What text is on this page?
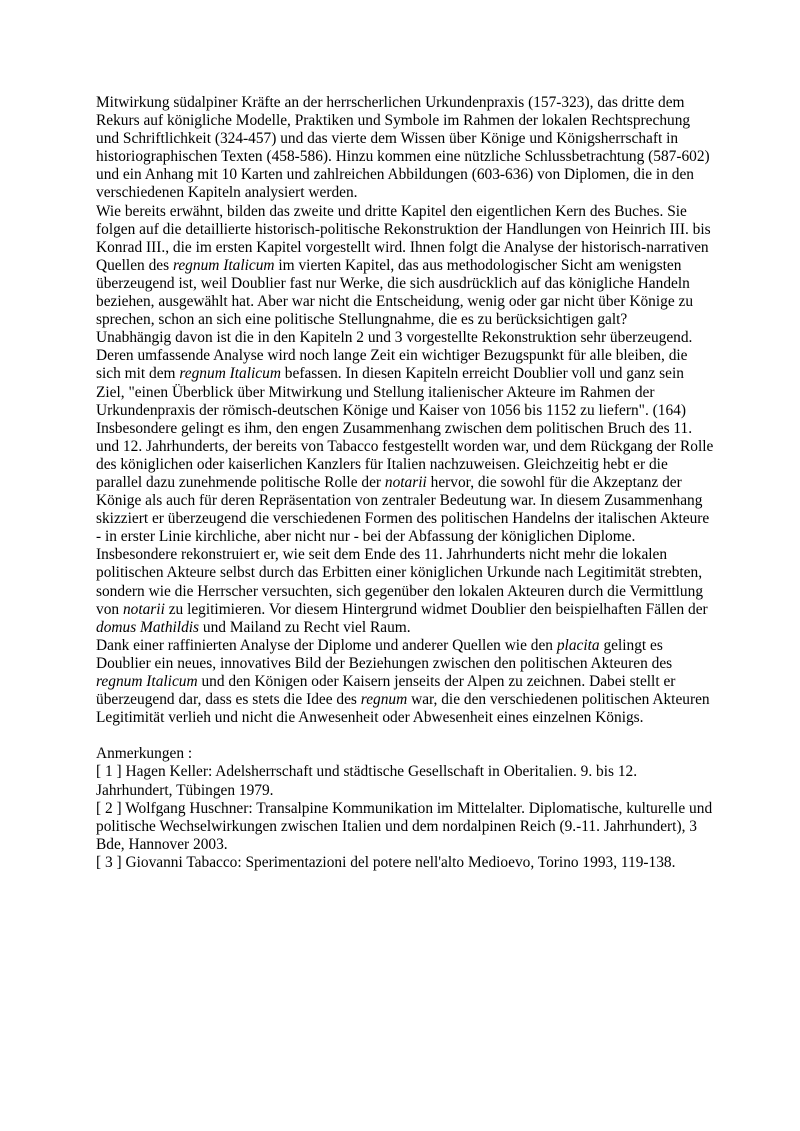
Mitwirkung südalpiner Kräfte an der herrscherlichen Urkundenpraxis (157-323), das dritte dem Rekurs auf königliche Modelle, Praktiken und Symbole im Rahmen der lokalen Rechtsprechung und Schriftlichkeit (324-457) und das vierte dem Wissen über Könige und Königsherrschaft in historiographischen Texten (458-586). Hinzu kommen eine nützliche Schlussbetrachtung (587-602) und ein Anhang mit 10 Karten und zahlreichen Abbildungen (603-636) von Diplomen, die in den verschiedenen Kapiteln analysiert werden.

Wie bereits erwähnt, bilden das zweite und dritte Kapitel den eigentlichen Kern des Buches. Sie folgen auf die detaillierte historisch-politische Rekonstruktion der Handlungen von Heinrich III. bis Konrad III., die im ersten Kapitel vorgestellt wird. Ihnen folgt die Analyse der historisch-narrativen Quellen des regnum Italicum im vierten Kapitel, das aus methodologischer Sicht am wenigsten überzeugend ist, weil Doublier fast nur Werke, die sich ausdrücklich auf das königliche Handeln beziehen, ausgewählt hat. Aber war nicht die Entscheidung, wenig oder gar nicht über Könige zu sprechen, schon an sich eine politische Stellungnahme, die es zu berücksichtigen galt?

Unabhängig davon ist die in den Kapiteln 2 und 3 vorgestellte Rekonstruktion sehr überzeugend. Deren umfassende Analyse wird noch lange Zeit ein wichtiger Bezugspunkt für alle bleiben, die sich mit dem regnum Italicum befassen. In diesen Kapiteln erreicht Doublier voll und ganz sein Ziel, "einen Überblick über Mitwirkung und Stellung italienischer Akteure im Rahmen der Urkundenpraxis der römisch-deutschen Könige und Kaiser von 1056 bis 1152 zu liefern". (164) Insbesondere gelingt es ihm, den engen Zusammenhang zwischen dem politischen Bruch des 11. und 12. Jahrhunderts, der bereits von Tabacco festgestellt worden war, und dem Rückgang der Rolle des königlichen oder kaiserlichen Kanzlers für Italien nachzuweisen. Gleichzeitig hebt er die parallel dazu zunehmende politische Rolle der notarii hervor, die sowohl für die Akzeptanz der Könige als auch für deren Repräsentation von zentraler Bedeutung war. In diesem Zusammenhang skizziert er überzeugend die verschiedenen Formen des politischen Handelns der italischen Akteure - in erster Linie kirchliche, aber nicht nur - bei der Abfassung der königlichen Diplome. Insbesondere rekonstruiert er, wie seit dem Ende des 11. Jahrhunderts nicht mehr die lokalen politischen Akteure selbst durch das Erbitten einer königlichen Urkunde nach Legitimität strebten, sondern wie die Herrscher versuchten, sich gegenüber den lokalen Akteuren durch die Vermittlung von notarii zu legitimieren. Vor diesem Hintergrund widmet Doublier den beispielhaften Fällen der domus Mathildis und Mailand zu Recht viel Raum.

Dank einer raffinierten Analyse der Diplome und anderer Quellen wie den placita gelingt es Doublier ein neues, innovatives Bild der Beziehungen zwischen den politischen Akteuren des regnum Italicum und den Königen oder Kaisern jenseits der Alpen zu zeichnen. Dabei stellt er überzeugend dar, dass es stets die Idee des regnum war, die den verschiedenen politischen Akteuren Legitimität verlieh und nicht die Anwesenheit oder Abwesenheit eines einzelnen Königs.

Anmerkungen :

[ 1 ] Hagen Keller: Adelsherrschaft und städtische Gesellschaft in Oberitalien. 9. bis 12. Jahrhundert, Tübingen 1979.

[ 2 ] Wolfgang Huschner: Transalpine Kommunikation im Mittelalter. Diplomatische, kulturelle und politische Wechselwirkungen zwischen Italien und dem nordalpinen Reich (9.-11. Jahrhundert), 3 Bde, Hannover 2003.

[ 3 ] Giovanni Tabacco: Sperimentazioni del potere nell'alto Medioevo, Torino 1993, 119-138.
